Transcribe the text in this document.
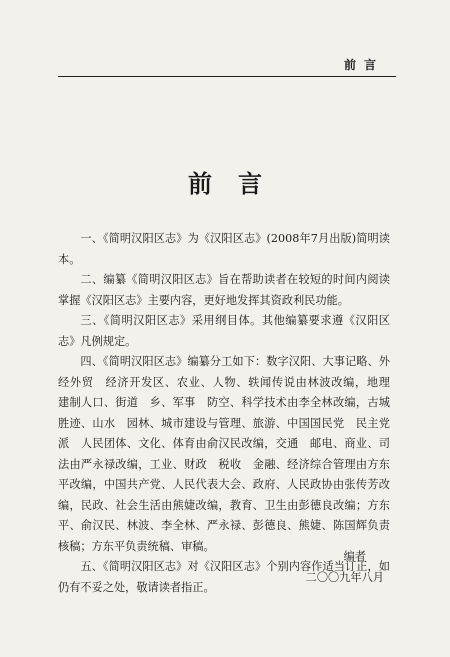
前言
前言

一、《简明汉阳区志》为《汉阳区志》(2008年7月出版)简明读本。

二、编纂《简明汉阳区志》旨在帮助读者在较短的时间内阅读掌握《汉阳区志》主要内容，更好地发挥其资政利民功能。

三、《简明汉阳区志》采用纲目体。其他编纂要求遵《汉阳区志》凡例规定。

四、《简明汉阳区志》编纂分工如下：数字汉阳、大事记略、外经外贸　经济开发区、农业、人物、轶闻传说由林波改编，地理　建制人口、街道　乡、军事　防空、科学技术由李全林改编，古城　胜迹、山水　园林、城市建设与管理、旅游、中国国民党　民主党派　人民团体、文化、体育由俞汉民改编，交通　邮电、商业、司法由严永禄改编，工业、财政　税收　金融、经济综合管理由方东平改编，中国共产党、人民代表大会、政府、人民政协由张传芳改编，民政、社会生活由熊婕改编，教育、卫生由彭德良改编；方东平、俞汉民、林波、李全林、严永禄、彭德良、熊婕、陈国辉负责核稿；方东平负责统稿、审稿。

五、《简明汉阳区志》对《汉阳区志》个别内容作适当订正，如仍有不妥之处，敬请读者指正。

编者
二〇〇九年八月
